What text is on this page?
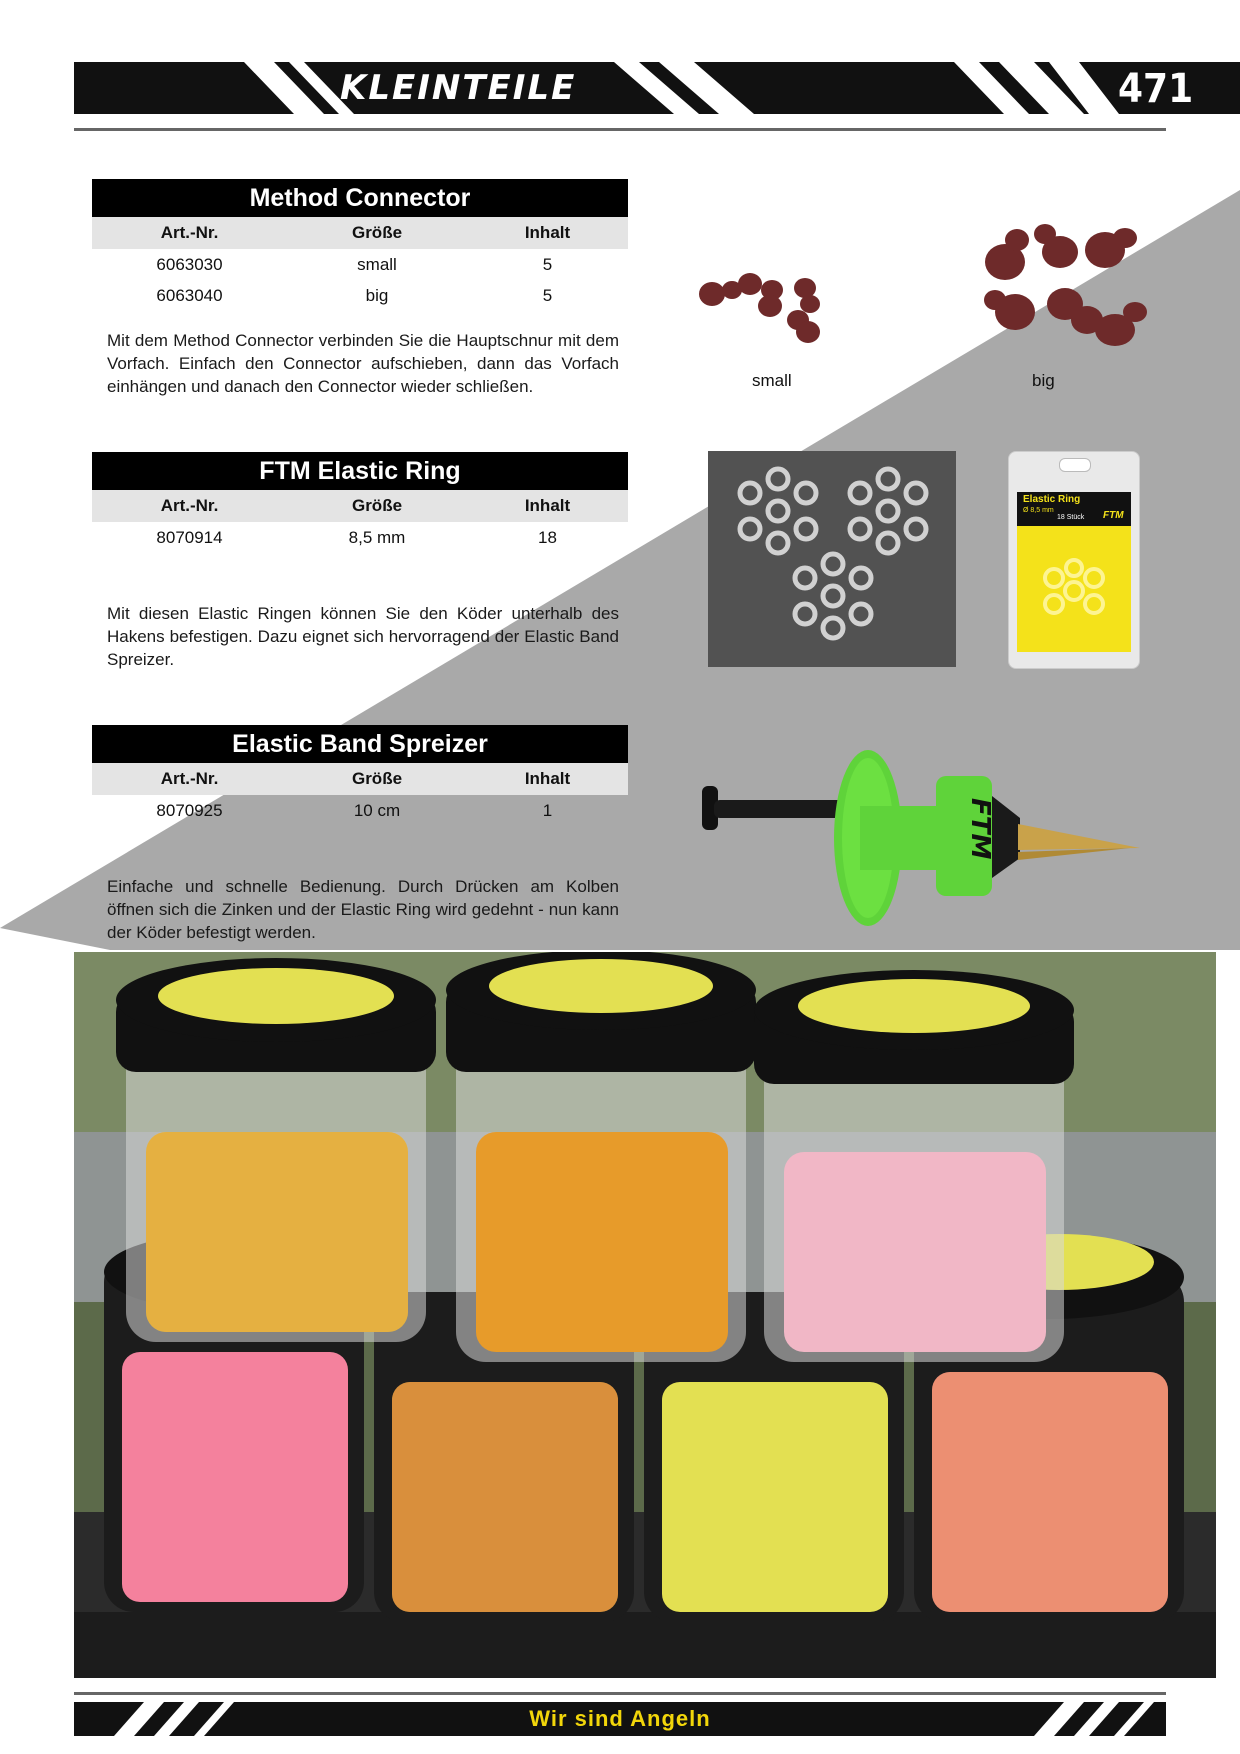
KLEINTEILE	471
Method Connector
Art.-Nr.	Größe	Inhalt
6063030	small	5
6063040	big	5
Mit dem Method Connector verbinden Sie die Hauptschnur mit dem Vorfach. Einfach den Connector aufschieben, dann das Vorfach einhängen und danach den Connector wieder schließen.	small	big
FTM Elastic Ring
Art.-Nr.	Größe	Inhalt
8070914	8,5 mm	18
Mit diesen Elastic Ringen können Sie den Köder unterhalb des Hakens befestigen. Dazu eignet sich hervorragend der Elastic Band Spreizer.
Elastic Ring
Ø 8,5 mm
18 Stück FTM
Elastic Band Spreizer
Art.-Nr.	Größe	Inhalt
8070925	10 cm	1
Einfache und schnelle Bedienung. Durch Drücken am Kolben öffnen sich die Zinken und der Elastic Ring wird gedehnt - nun kann der Köder befestigt werden.
FTM
Wir sind Angeln
